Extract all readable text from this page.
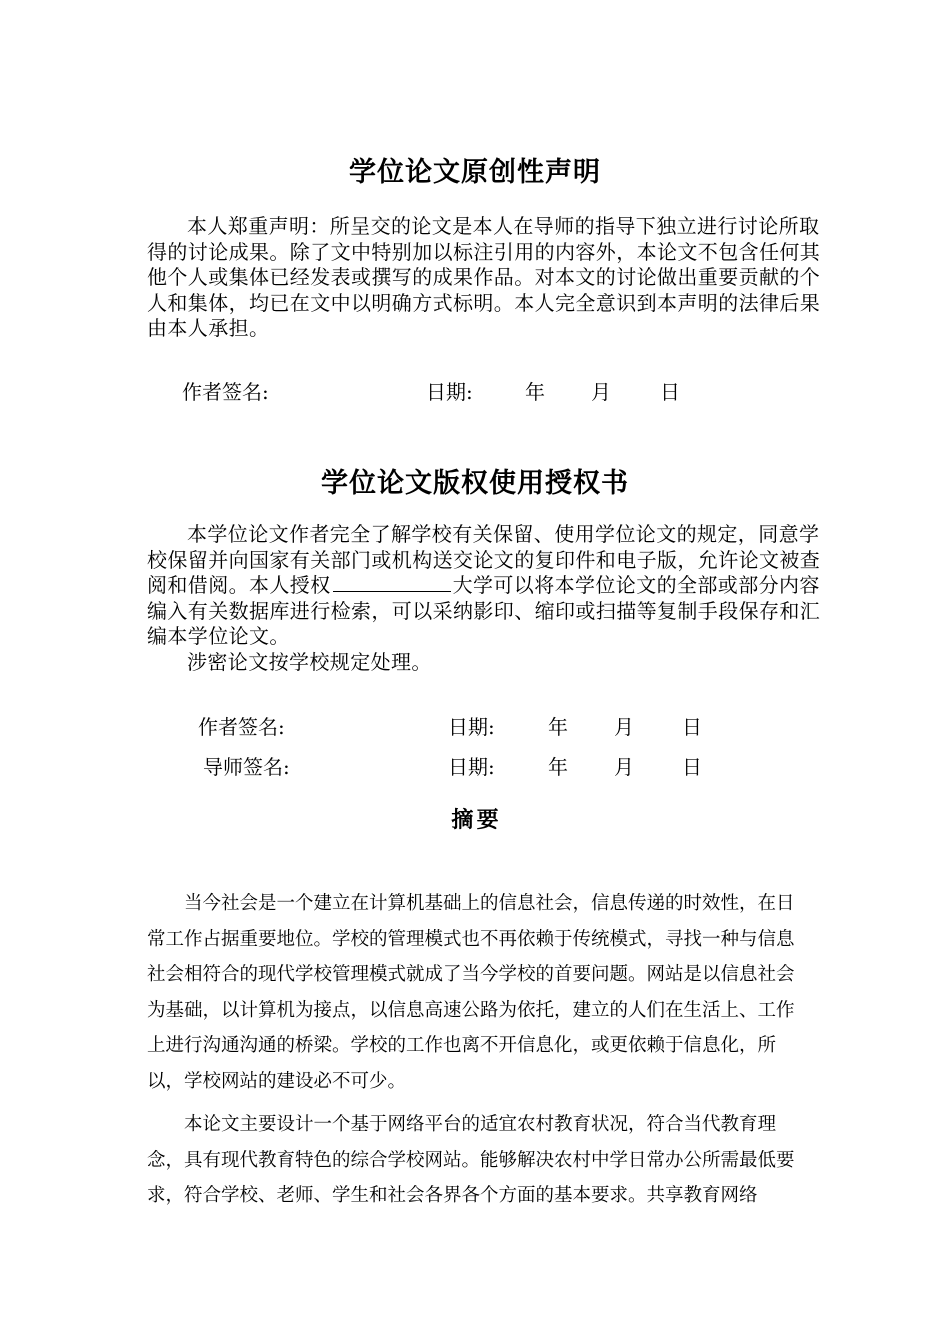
学位论文原创性声明

本人郑重声明：所呈交的论文是本人在导师的指导下独立进行讨论所取得的讨论成果。除了文中特别加以标注引用的内容外，本论文不包含任何其他个人或集体已经发表或撰写的成果作品。对本文的讨论做出重要贡献的个人和集体，均已在文中以明确方式标明。本人完全意识到本声明的法律后果由本人承担。

作者签名:	日期:	年 月 日
学位论文版权使用授权书

本学位论文作者完全了解学校有关保留、使用学位论文的规定，同意学校保留并向国家有关部门或机构送交论文的复印件和电子版，允许论文被查阅和借阅。本人授权	大学可以将本学位论文的全部或部分内容编入有关数据库进行检索，可以采纳影印、缩印或扫描等复制手段保存和汇编本学位论文。

涉密论文按学校规定处理。

作者签名:	日期:	年 月 日
导师签名:	日期:	年 月 日
摘 要

当今社会是一个建立在计算机基础上的信息社会，信息传递的时效性，在日常工作占据重要地位。学校的管理模式也不再依赖于传统模式，寻找一种与信息社会相符合的现代学校管理模式就成了当今学校的首要问题。网站是以信息社会为基础，以计算机为接点，以信息高速公路为依托，建立的人们在生活上、工作上进行沟通沟通的桥梁。学校的工作也离不开信息化，或更依赖于信息化，所以，学校网站的建设必不可少。

本论文主要设计一个基于网络平台的适宜农村教育状况，符合当代教育理念，具有现代教育特色的综合学校网站。能够解决农村中学日常办公所需最低要求，符合学校、老师、学生和社会各界各个方面的基本要求。共享教育网络
